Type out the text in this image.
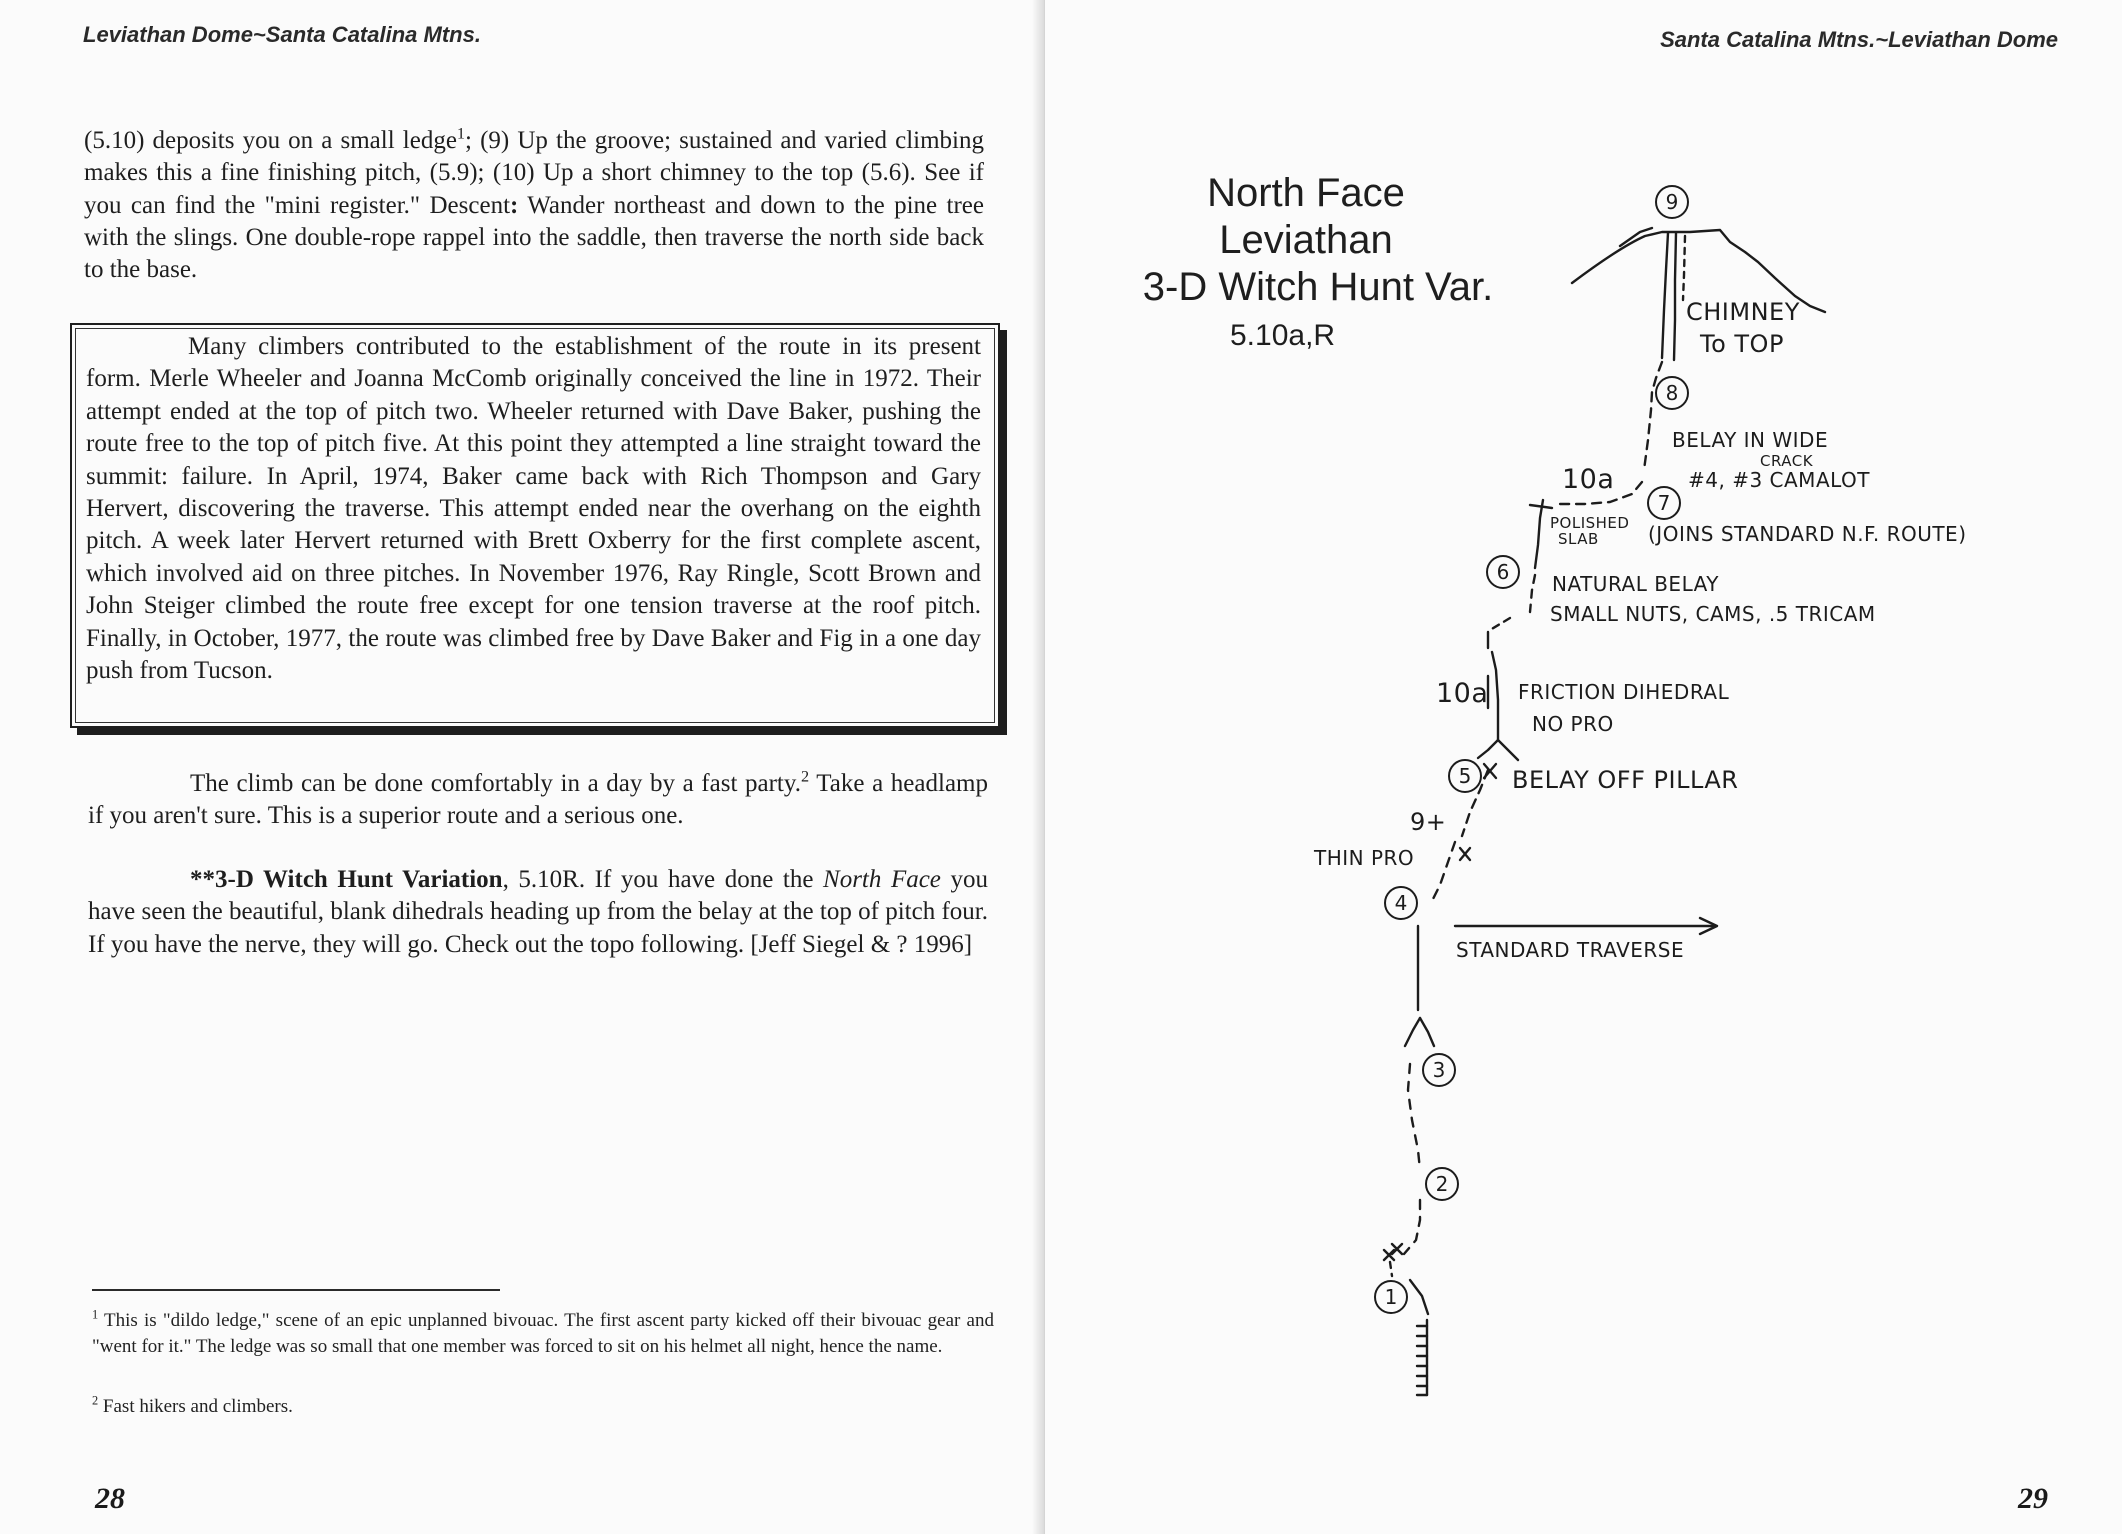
Leviathan Dome~Santa Catalina Mtns.
(5.10) deposits you on a small ledge$^1$; (9) Up the groove; sustained and varied climbing makes this a fine finishing pitch, (5.9); (10) Up a short chimney to the top (5.6). See if you can find the "mini register." Descent: Wander northeast and down to the pine tree with the slings. One double-rope rappel into the saddle, then traverse the north side back to the base.
Many climbers contributed to the establishment of the route in its present form. Merle Wheeler and Joanna McComb originally conceived the line in 1972. Their attempt ended at the top of pitch two. Wheeler returned with Dave Baker, pushing the route free to the top of pitch five. At this point they attempted a line straight toward the summit: failure. In April, 1974, Baker came back with Rich Thompson and Gary Hervert, discovering the traverse. This attempt ended near the overhang on the eighth pitch. A week later Hervert returned with Brett Oxberry for the first complete ascent, which involved aid on three pitches. In November 1976, Ray Ringle, Scott Brown and John Steiger climbed the route free except for one tension traverse at the roof pitch. Finally, in October, 1977, the route was climbed free by Dave Baker and Fig in a one day push from Tucson.
The climb can be done comfortably in a day by a fast party.$^2$ Take a headlamp if you aren't sure. This is a superior route and a serious one.
**3-D Witch Hunt Variation, 5.10R. If you have done the North Face you have seen the beautiful, blank dihedrals heading up from the belay at the top of pitch four. If you have the nerve, they will go. Check out the topo following. [Jeff Siegel & ? 1996]
$^1$ This is "dildo ledge," scene of an epic unplanned bivouac. The first ascent party kicked off their bivouac gear and "went for it." The ledge was so small that one member was forced to sit on his helmet all night, hence the name.
$^2$ Fast hikers and climbers.
28
Santa Catalina Mtns.~Leviathan Dome
29
North Face
Leviathan
3-D Witch Hunt Var.
5.10a,R
9
8
7
6
5
4
3
2
1
CHIMNEY
To TOP
BELAY IN WIDE
CRACK
#4, #3 CAMALOT
10a
POLISHED
SLAB (JOINS STANDARD N.F. ROUTE)
NATURAL BELAY
SMALL NUTS, CAMS, .5 TRICAM
10a FRICTION DIHEDRAL
NO PRO
BELAY OFF PILLAR
9+
THIN PRO
STANDARD TRAVERSE
